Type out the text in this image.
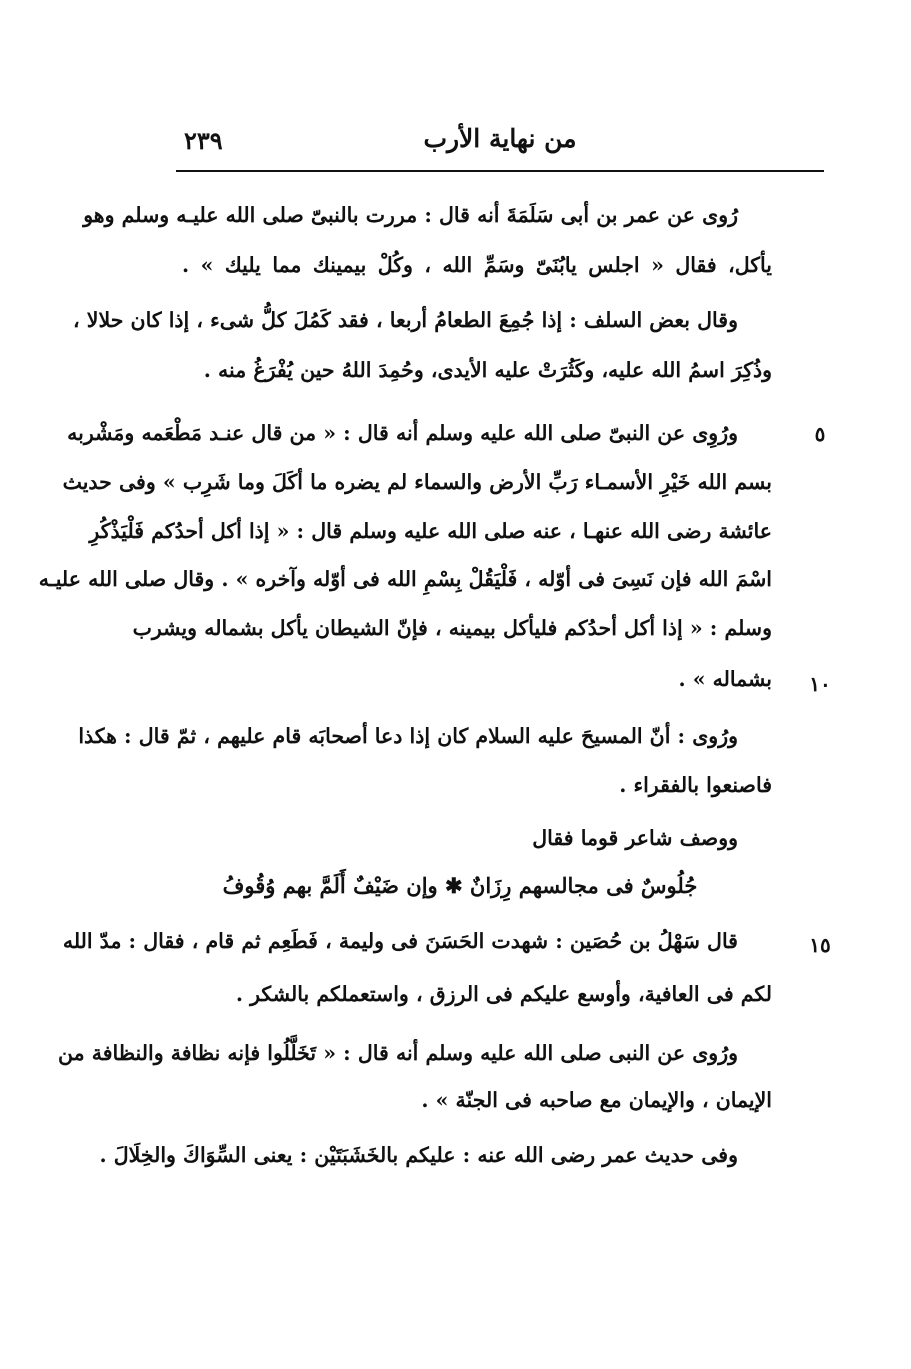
من نهاية الأرب
٢٣٩
رُوى عن عمر بن أبى سَلَمَةَ أنه قال : مررت بالنبىّ صلى الله عليـه وسلم وهو
يأكل، فقال « اجلس يابُنَىّ وسَمِّ الله ، وكُلْ بيمينك مما يليك » .
وقال بعض السلف : إذا جُمِعَ الطعامُ أربعا ، فقد كَمُلَ كلُّ شىء ، إذا كان حلالا ،
وذُكِرَ اسمُ الله عليه، وكَثُرَتْ عليه الأيدى، وحُمِدَ اللهُ حين يُفْرَغُ منه .
ورُوِى عن النبىّ صلى الله عليه وسلم أنه قال : « من قال عنـد مَطْعَمه ومَشْربه
بسم الله خَيْرِ الأسمـاء رَبِّ الأرض والسماء لم يضره ما أكَلَ وما شَرِب » وفى حديث
عائشة رضى الله عنهـا ، عنه صلى الله عليه وسلم قال : « إذا أكل أحدُكم فَلْيَذْكُرِ
اسْمَ الله فإن نَسِىَ فى أوّله ، فَلْيَقُلْ بِسْمِ الله فى أوّله وآخره » . وقال صلى الله عليـه
وسلم : « إذا أكل أحدُكم فليأكل بيمينه ، فإنّ الشيطان يأكل بشماله ويشرب
بشماله » .
ورُوى : أنّ المسيحَ عليه السلام كان إذا دعا أصحابَه قام عليهم ، ثمّ قال : هكذا
فاصنعوا بالفقراء .
ووصف شاعر قوما فقال
جُلُوسٌ فى مجالسهم رِزَانٌ ✱ وإن ضَيْفٌ أَلَمَّ بهم وُقُوفُ
قال سَهْلُ بن حُصَين : شهدت الحَسَنَ فى وليمة ، فَطَعِم ثم قام ، فقال : مدّ الله
لكم فى العافية، وأوسع عليكم فى الرزق ، واستعملكم بالشكر .
ورُوى عن النبى صلى الله عليه وسلم أنه قال : « تَخَلَّلُوا فإنه نظافة والنظافة من
الإيمان ، والإيمان مع صاحبه فى الجنّة » .
وفى حديث عمر رضى الله عنه : عليكم بالخَشَبَتَيْن : يعنى السِّوَاكَ والخِلَالَ .
٥
١٠
١٥
